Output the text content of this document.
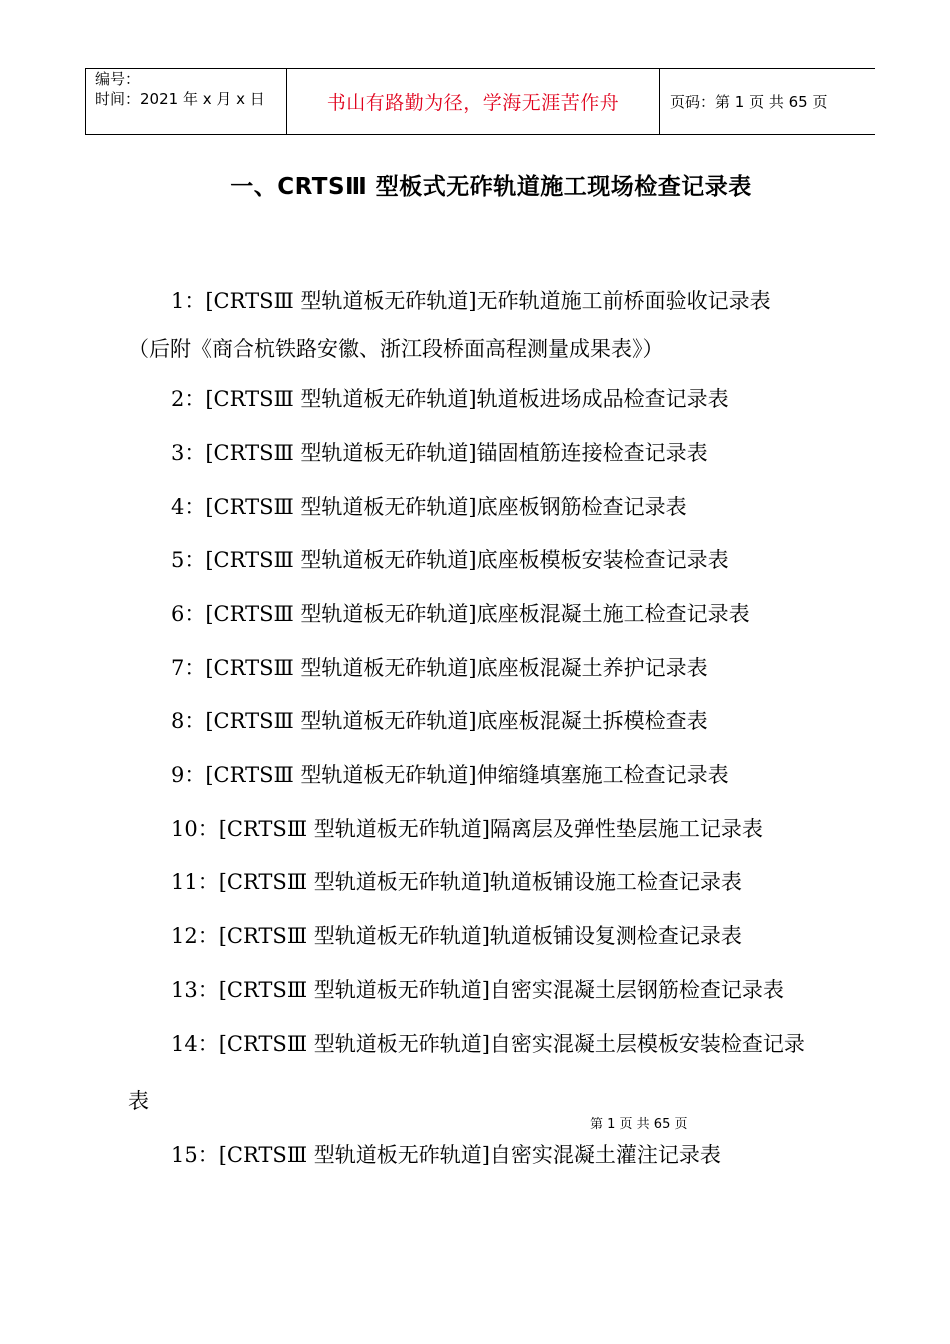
编号：
时间：2021 年 x 月 x 日	书山有路勤为径，学海无涯苦作舟	页码：第 1 页 共 65 页
一、CRTSⅢ 型板式无砟轨道施工现场检查记录表
1：[CRTSⅢ 型轨道板无砟轨道]无砟轨道施工前桥面验收记录表
（后附《商合杭铁路安徽、浙江段桥面高程测量成果表》）
2：[CRTSⅢ 型轨道板无砟轨道]轨道板进场成品检查记录表
3：[CRTSⅢ 型轨道板无砟轨道]锚固植筋连接检查记录表
4：[CRTSⅢ 型轨道板无砟轨道]底座板钢筋检查记录表
5：[CRTSⅢ 型轨道板无砟轨道]底座板模板安装检查记录表
6：[CRTSⅢ 型轨道板无砟轨道]底座板混凝土施工检查记录表
7：[CRTSⅢ 型轨道板无砟轨道]底座板混凝土养护记录表
8：[CRTSⅢ 型轨道板无砟轨道]底座板混凝土拆模检查表
9：[CRTSⅢ 型轨道板无砟轨道]伸缩缝填塞施工检查记录表
10：[CRTSⅢ 型轨道板无砟轨道]隔离层及弹性垫层施工记录表
11：[CRTSⅢ 型轨道板无砟轨道]轨道板铺设施工检查记录表
12：[CRTSⅢ 型轨道板无砟轨道]轨道板铺设复测检查记录表
13：[CRTSⅢ 型轨道板无砟轨道]自密实混凝土层钢筋检查记录表
14：[CRTSⅢ 型轨道板无砟轨道]自密实混凝土层模板安装检查记录
表
第 1 页 共 65 页
15：[CRTSⅢ 型轨道板无砟轨道]自密实混凝土灌注记录表
